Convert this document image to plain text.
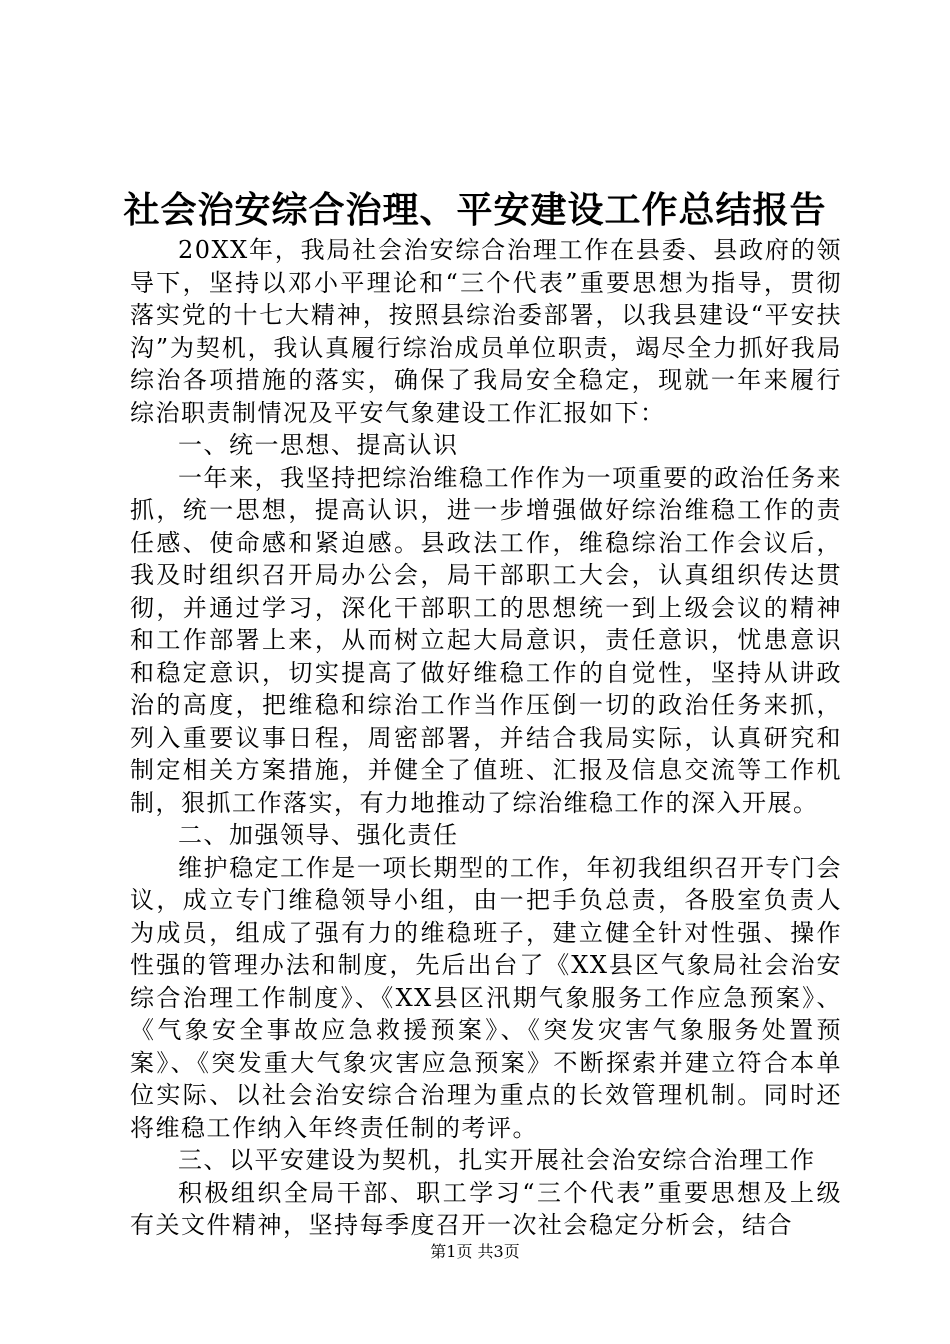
社会治安综合治理、平安建设工作总结报告

20XX年，我局社会治安综合治理工作在县委、县政府的领导下，坚持以邓小平理论和“三个代表”重要思想为指导，贯彻落实党的十七大精神，按照县综治委部署，以我县建设“平安扶沟”为契机，我认真履行综治成员单位职责，竭尽全力抓好我局综治各项措施的落实，确保了我局安全稳定，现就一年来履行综治职责制情况及平安气象建设工作汇报如下：

一、统一思想、提高认识

一年来，我坚持把综治维稳工作作为一项重要的政治任务来抓，统一思想，提高认识，进一步增强做好综治维稳工作的责任感、使命感和紧迫感。县政法工作，维稳综治工作会议后，我及时组织召开局办公会，局干部职工大会，认真组织传达贯彻，并通过学习，深化干部职工的思想统一到上级会议的精神和工作部署上来，从而树立起大局意识，责任意识，忧患意识和稳定意识，切实提高了做好维稳工作的自觉性，坚持从讲政治的高度，把维稳和综治工作当作压倒一切的政治任务来抓，列入重要议事日程，周密部署，并结合我局实际，认真研究和制定相关方案措施，并健全了值班、汇报及信息交流等工作机制，狠抓工作落实，有力地推动了综治维稳工作的深入开展。

二、加强领导、强化责任

维护稳定工作是一项长期型的工作，年初我组织召开专门会议，成立专门维稳领导小组，由一把手负总责，各股室负责人为成员，组成了强有力的维稳班子，建立健全针对性强、操作性强的管理办法和制度，先后出台了《XX县区气象局社会治安综合治理工作制度》、《XX县区汛期气象服务工作应急预案》、《气象安全事故应急救援预案》、《突发灾害气象服务处置预案》、《突发重大气象灾害应急预案》不断探索并建立符合本单位实际、以社会治安综合治理为重点的长效管理机制。同时还将维稳工作纳入年终责任制的考评。

三、以平安建设为契机，扎实开展社会治安综合治理工作

积极组织全局干部、职工学习“三个代表”重要思想及上级有关文件精神，坚持每季度召开一次社会稳定分析会，结合

第1页 共3页
